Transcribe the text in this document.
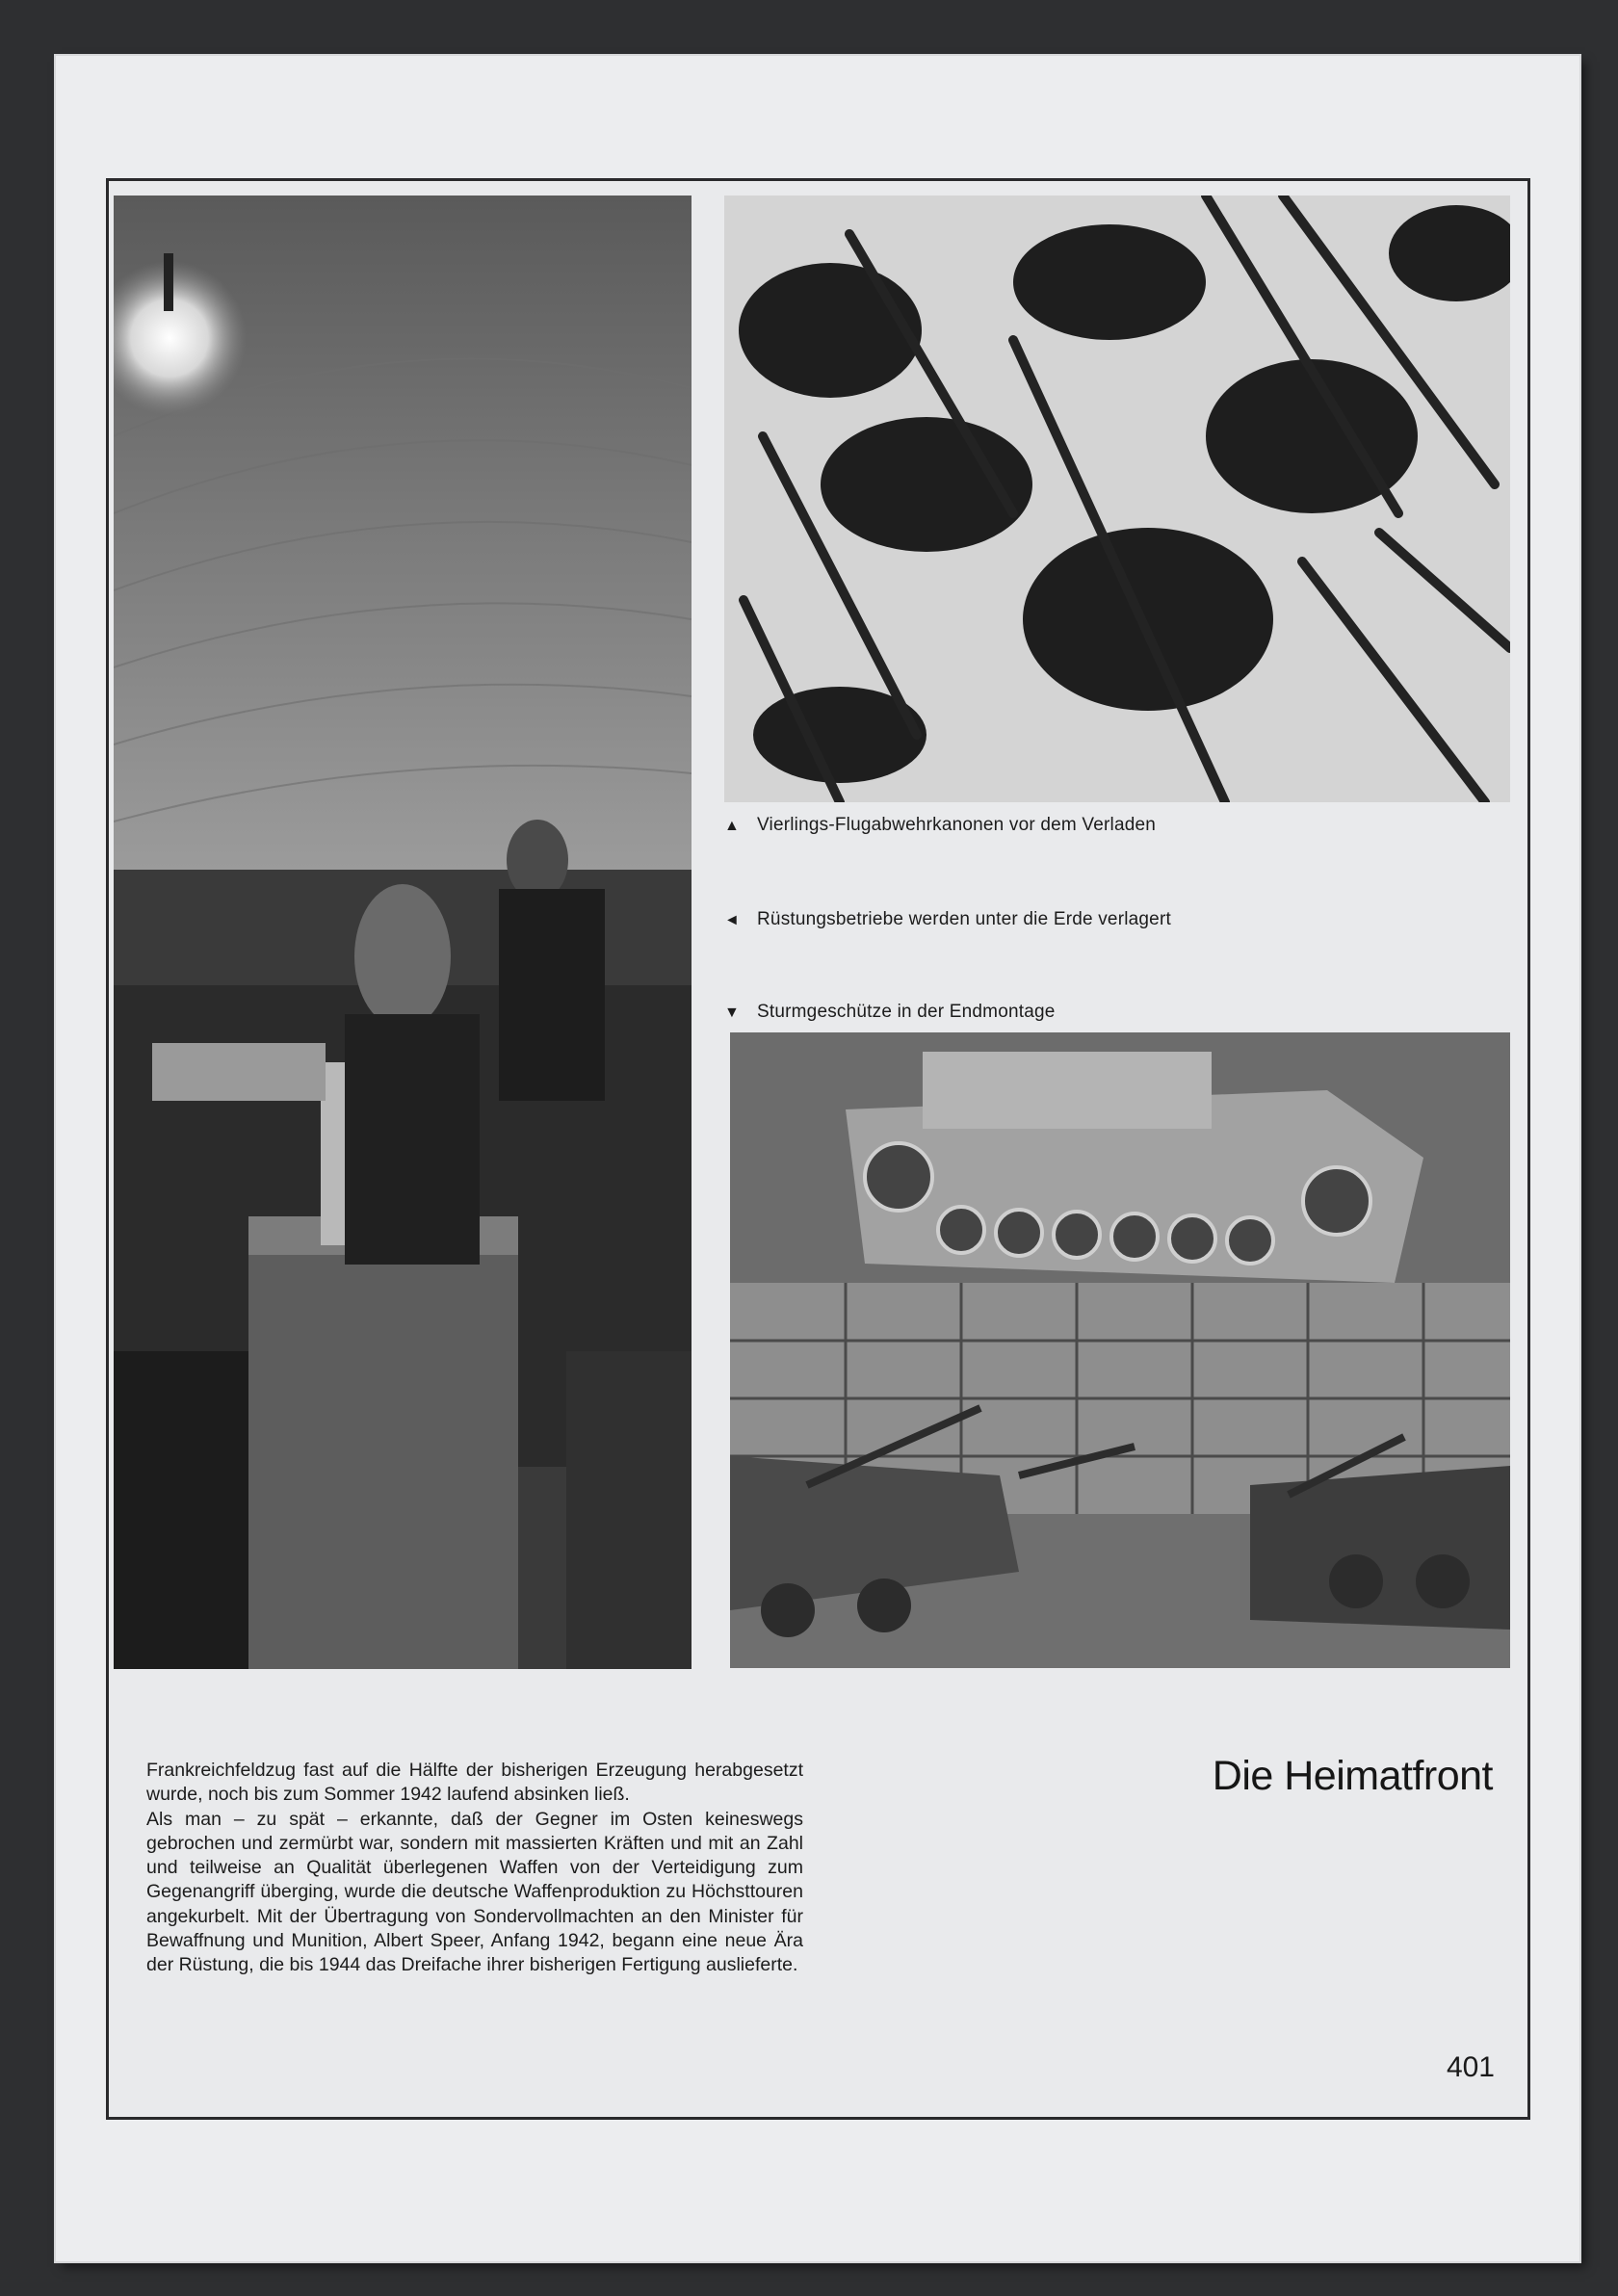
▲ Vierlings-Flugabwehrkanonen vor dem Verladen
◄ Rüstungsbetriebe werden unter die Erde verlagert
▼ Sturmgeschütze in der Endmontage

Frankreichfeldzug fast auf die Hälfte der bisherigen Erzeugung herabgesetzt wurde, noch bis zum Sommer 1942 laufend absinken ließ.

Als man – zu spät – erkannte, daß der Gegner im Osten keineswegs gebrochen und zermürbt war, sondern mit massierten Kräften und mit an Zahl und teilweise an Qualität überlegenen Waffen von der Verteidigung zum Gegenangriff überging, wurde die deutsche Waffenproduktion zu Höchsttouren angekurbelt. Mit der Übertragung von Sondervollmachten an den Minister für Bewaffnung und Munition, Albert Speer, Anfang 1942, begann eine neue Ära der Rüstung, die bis 1944 das Dreifache ihrer bisherigen Fertigung auslieferte.

Die Heimatfront
401
